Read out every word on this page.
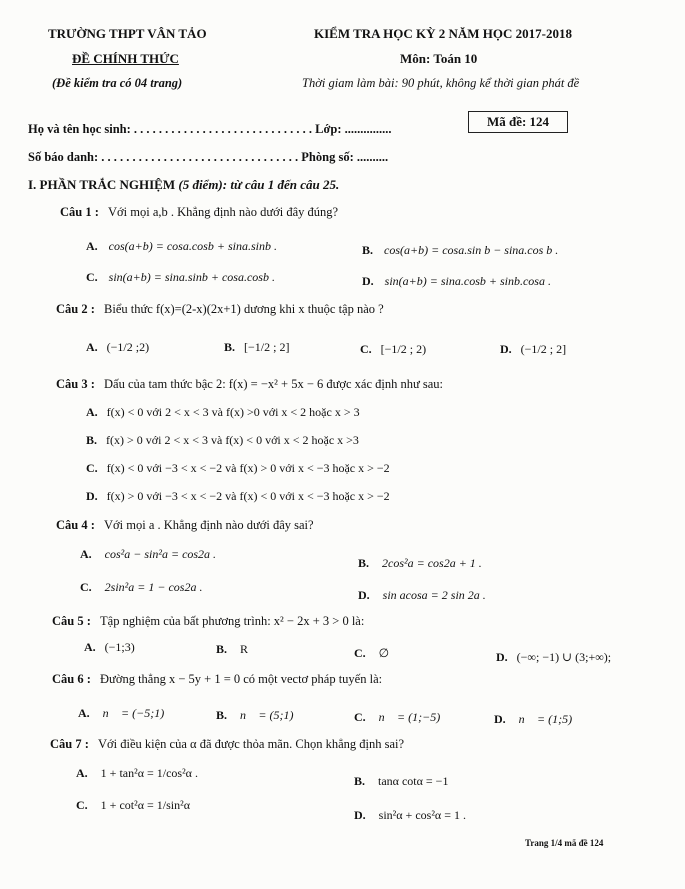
TRƯỜNG THPT VÂN TẢO
ĐỀ CHÍNH THỨC
(Đề kiểm tra có 04 trang)
KIỂM TRA HỌC KỲ 2 NĂM HỌC 2017-2018
Môn: Toán 10
Thời giam làm bài: 90 phút, không kể thời gian phát đề
Mã đề: 124
Họ và tên học sinh: . . . . . . . . . . . . . . . . . . . . . . . . . . . . . Lớp: ...............
Số báo danh: . . . . . . . . . . . . . . . . . . . . . . . . . . . . . . . . Phòng số: ..........
I. PHẦN TRẮC NGHIỆM (5 điểm): từ câu 1 đến câu 25.
Câu 1 : Với mọi a,b . Khẳng định nào dưới đây đúng?
A. cos(a+b) = cosa.cosb + sina.sinb .	B. cos(a+b) = cosa.sin b − sina.cos b .
C. sin(a+b) = sina.sinb + cosa.cosb .	D. sin(a+b) = sina.cosb + sinb.cosa .
Câu 2 : Biểu thức f(x)=(2-x)(2x+1) dương khi x thuộc tập nào ?
A. (−1/2 ;2)	B. [−1/2 ; 2]	C. [−1/2 ; 2)	D. (−1/2 ; 2]
Câu 3 : Dấu của tam thức bậc 2: f(x) = −x² + 5x − 6 được xác định như sau:
A. f(x) < 0 với 2 < x < 3 và f(x) >0 với x < 2 hoặc x > 3
B. f(x) > 0 với 2 < x < 3 và f(x) < 0 với x < 2 hoặc x >3
C. f(x) < 0 với −3 < x < −2 và f(x) > 0 với x < −3 hoặc x > −2
D. f(x) > 0 với −3 < x < −2 và f(x) < 0 với x < −3 hoặc x > −2
Câu 4 : Với mọi a . Khẳng định nào dưới đây sai?
A. cos²a − sin²a = cos2a .
B. 2cos²a = cos2a + 1 .
C. 2sin²a = 1 − cos2a .
D. sin acosa = 2 sin 2a .
Câu 5 : Tập nghiệm của bất phương trình: x² − 2x + 3 > 0 là:
A. (−1;3)	B. R	C. ∅	D. (−∞; −1) ∪ (3;+∞);
Câu 6 : Đường thẳng x − 5y + 1 = 0 có một vectơ pháp tuyến là:
A. n⃗ = (−5;1)	B. n⃗ = (5;1)	C. n⃗ = (1;−5)	D. n⃗ = (1;5)
Câu 7 : Với điều kiện của α đã được thỏa mãn. Chọn khẳng định sai?
A. 1 + tan²α = 1/cos²α .
B. tanα cotα = −1
C. 1 + cot²α = 1/sin²α
D. sin²α + cos²α = 1 .
Trang 1/4 mã đề 124
